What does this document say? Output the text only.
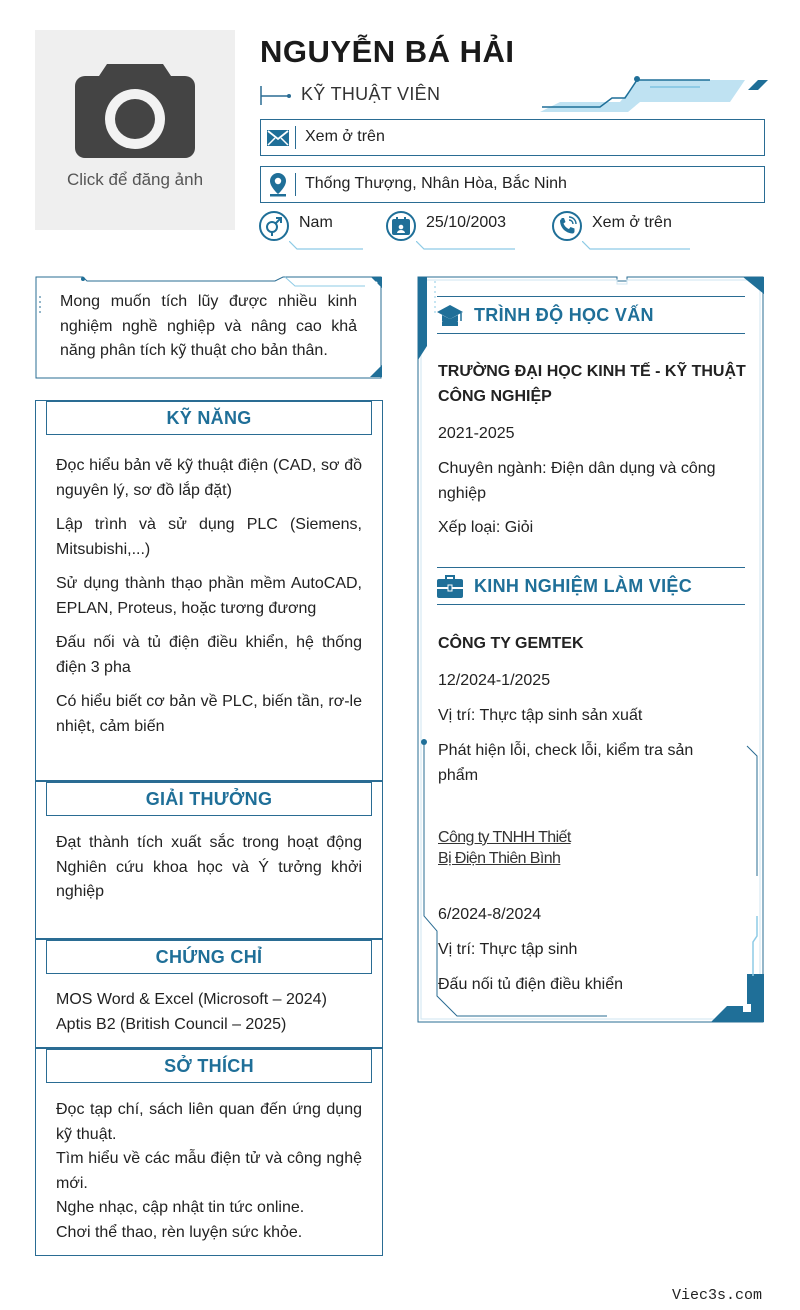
Click để đăng ảnh
NGUYỄN BÁ HẢI
KỸ THUẬT VIÊN
Xem ở trên
Thống Thượng, Nhân Hòa, Bắc Ninh
Nam	25/10/2003	Xem ở trên
Mong muốn tích lũy được nhiều kinh nghiệm nghề nghiệp và nâng cao khả năng phân tích kỹ thuật cho bản thân.
KỸ NĂNG

Đọc hiểu bản vẽ kỹ thuật điện (CAD, sơ đồ nguyên lý, sơ đồ lắp đặt)

Lập trình và sử dụng PLC (Siemens, Mitsubishi,...)

Sử dụng thành thạo phần mềm AutoCAD, EPLAN, Proteus, hoặc tương đương

Đấu nối và tủ điện điều khiển, hệ thống điện 3 pha

Có hiểu biết cơ bản về PLC, biến tần, rơ-le nhiệt, cảm biến

GIẢI THƯỞNG

Đạt thành tích xuất sắc trong hoạt động Nghiên cứu khoa học và Ý tưởng khởi nghiệp

CHỨNG CHỈ
MOS Word & Excel (Microsoft – 2024)
Aptis B2 (British Council – 2025)
SỞ THÍCH

Đọc tạp chí, sách liên quan đến ứng dụng kỹ thuật.

Tìm hiểu về các mẫu điện tử và công nghệ mới.

Nghe nhạc, cập nhật tin tức online.

Chơi thể thao, rèn luyện sức khỏe.

TRÌNH ĐỘ HỌC VẤN
TRƯỜNG ĐẠI HỌC KINH TẾ - KỸ THUẬT CÔNG NGHIỆP
2021-2025
Chuyên ngành: Điện dân dụng và công nghiệp
Xếp loại: Giỏi
KINH NGHIỆM LÀM VIỆC
CÔNG TY GEMTEK
12/2024-1/2025
Vị trí: Thực tập sinh sản xuất
Phát hiện lỗi, check lỗi, kiểm tra sản phẩm
Công ty TNHH Thiết
Bị Điện Thiên Bình
6/2024-8/2024
Vị trí: Thực tập sinh
Đấu nối tủ điện điều khiển
Viec3s.com
